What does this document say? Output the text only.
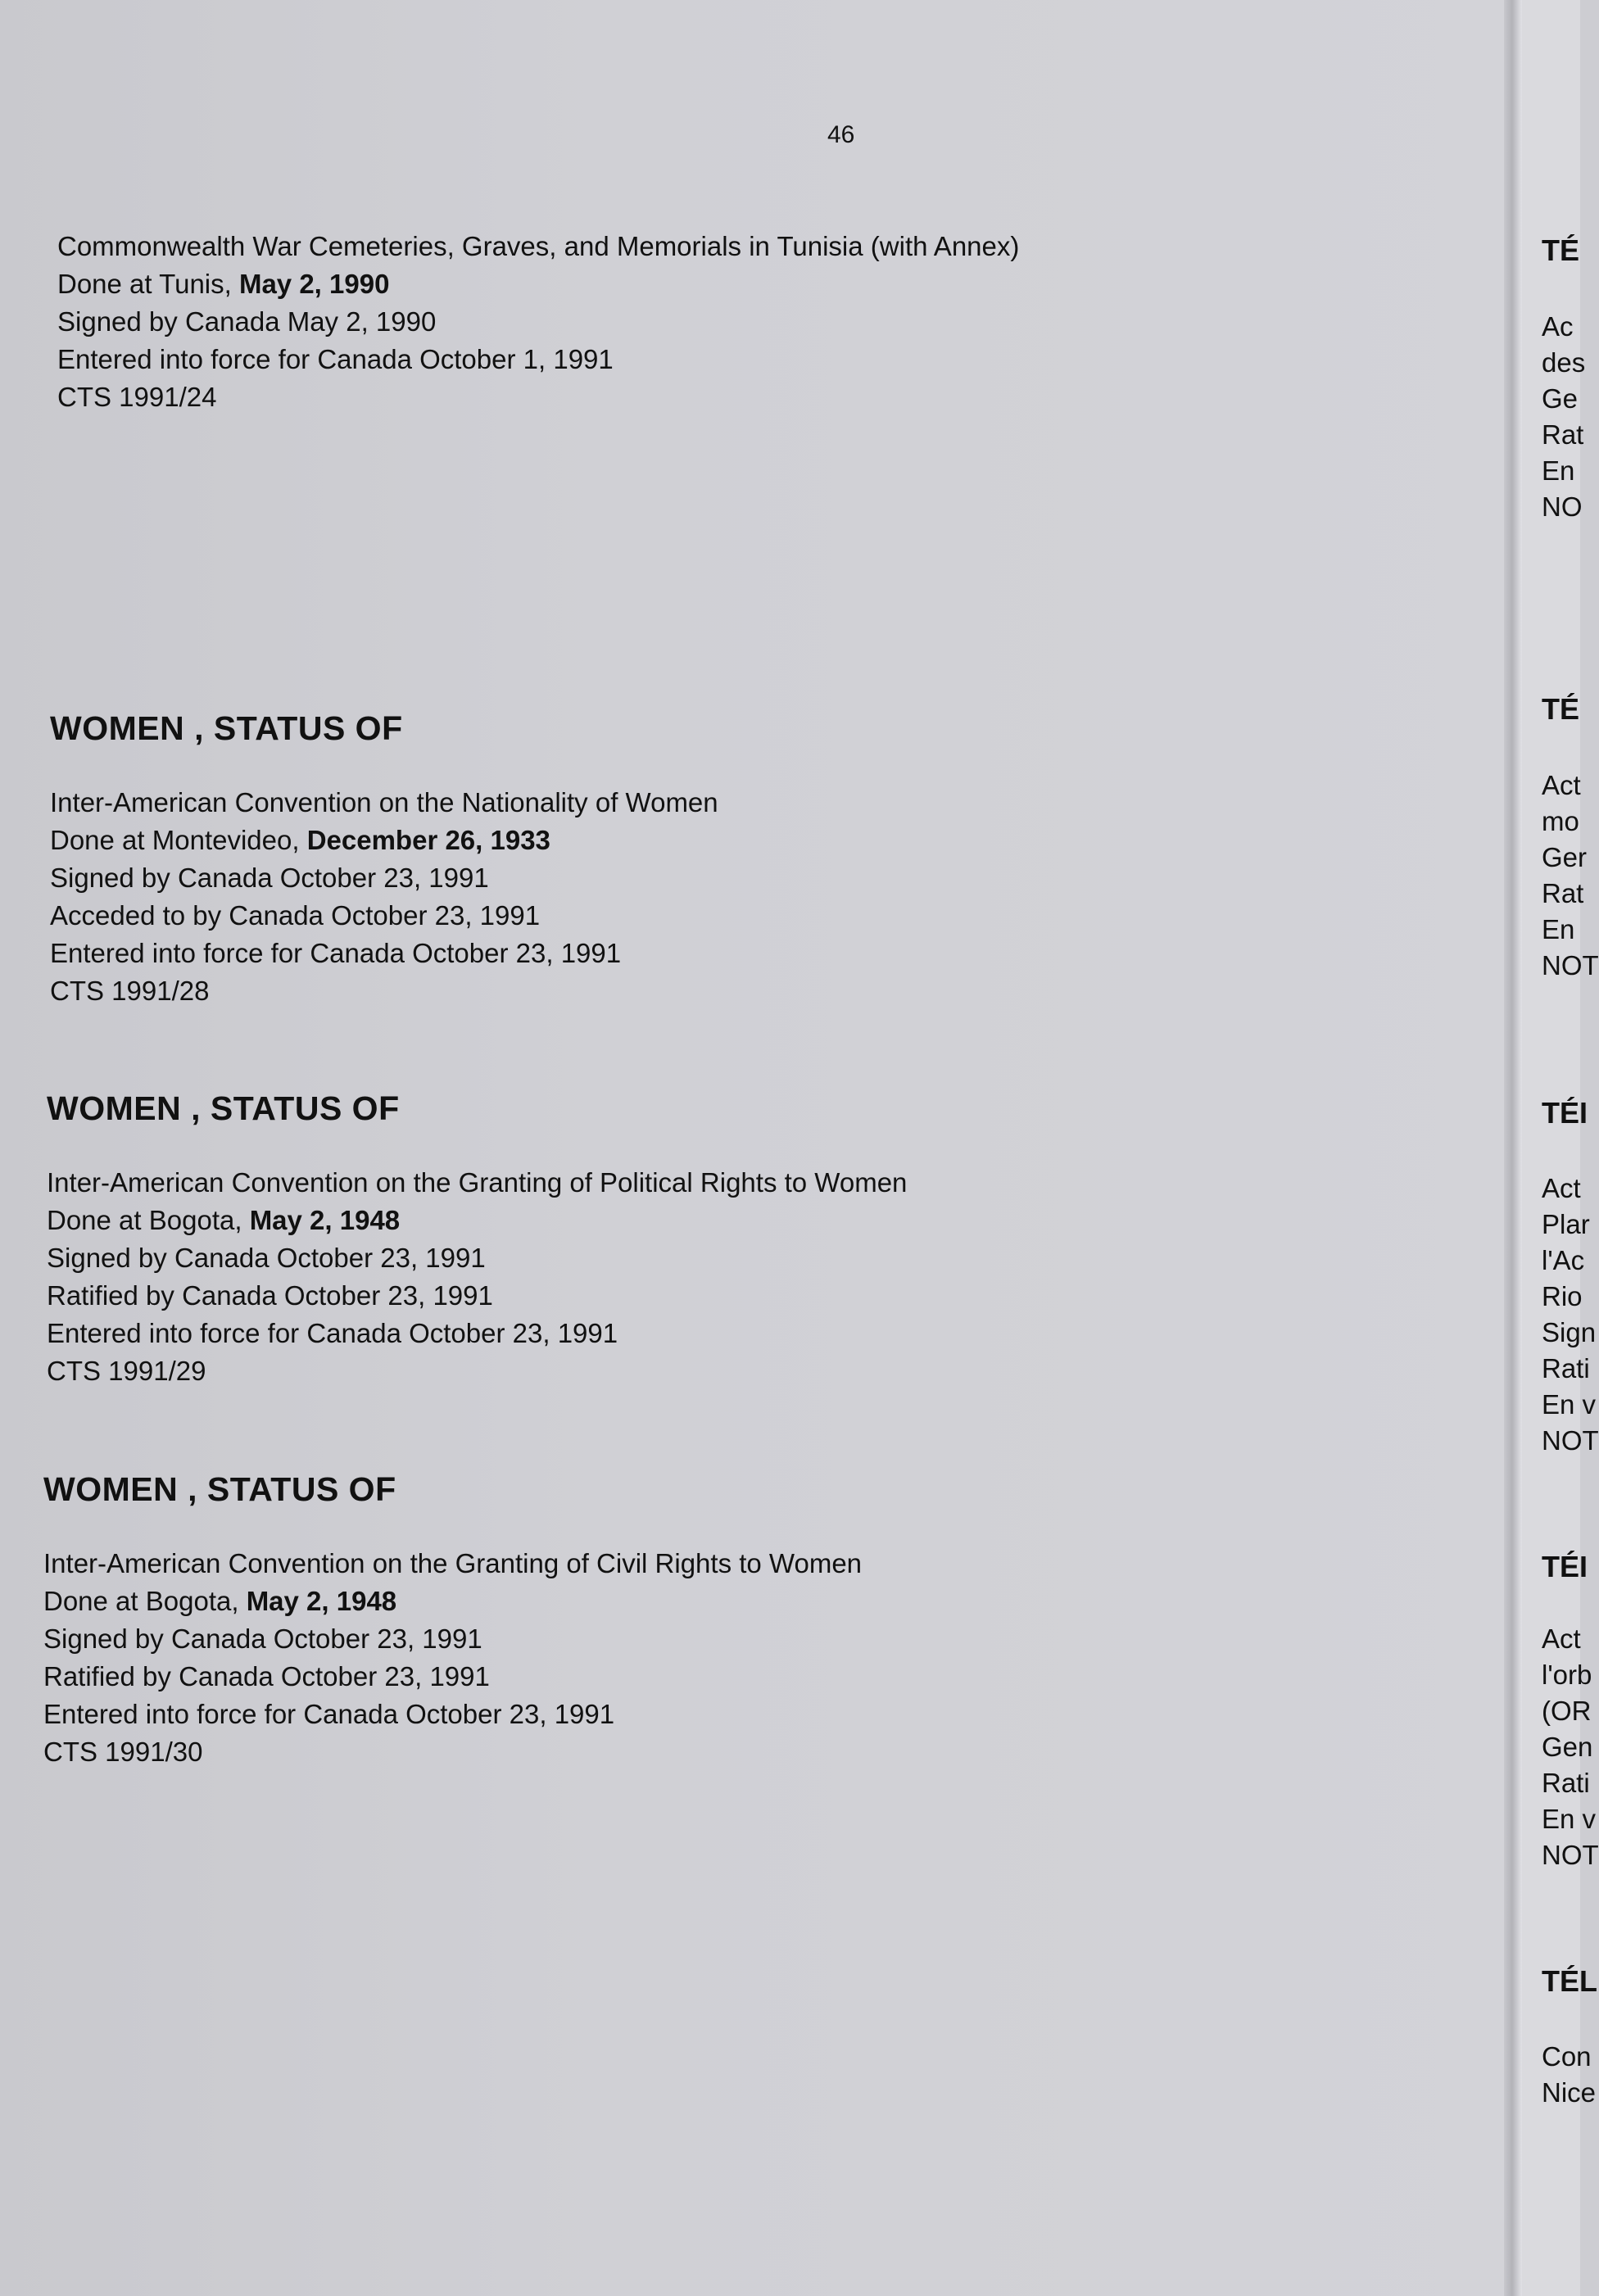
46
Commonwealth War Cemeteries, Graves, and Memorials in Tunisia (with Annex)
Done at Tunis, May 2, 1990
Signed by Canada May 2, 1990
Entered into force for Canada October 1, 1991
CTS 1991/24
WOMEN , STATUS OF
Inter-American Convention on the Nationality of Women
Done at Montevideo, December 26, 1933
Signed by Canada October 23, 1991
Acceded to by Canada October 23, 1991
Entered into force for Canada October 23, 1991
CTS 1991/28
WOMEN , STATUS OF
Inter-American Convention on the Granting of Political Rights to Women
Done at Bogota, May 2, 1948
Signed by Canada October 23, 1991
Ratified by Canada October 23, 1991
Entered into force for Canada October 23, 1991
CTS 1991/29
WOMEN , STATUS OF
Inter-American Convention on the Granting of Civil Rights to Women
Done at Bogota, May 2, 1948
Signed by Canada October 23, 1991
Ratified by Canada October 23, 1991
Entered into force for Canada October 23, 1991
CTS 1991/30
TÉ
Ac
des
Ge
Rat
En
NO
TÉ
Act
mo
Ger
Rat
En
NOT
TÉI
Act
Plar
l'Ac
Rio
Sign
Rati
En v
NOT
TÉI
Act
l'orb
(OR
Gen
Rati
En v
NOT
TÉL
Con
Nice
